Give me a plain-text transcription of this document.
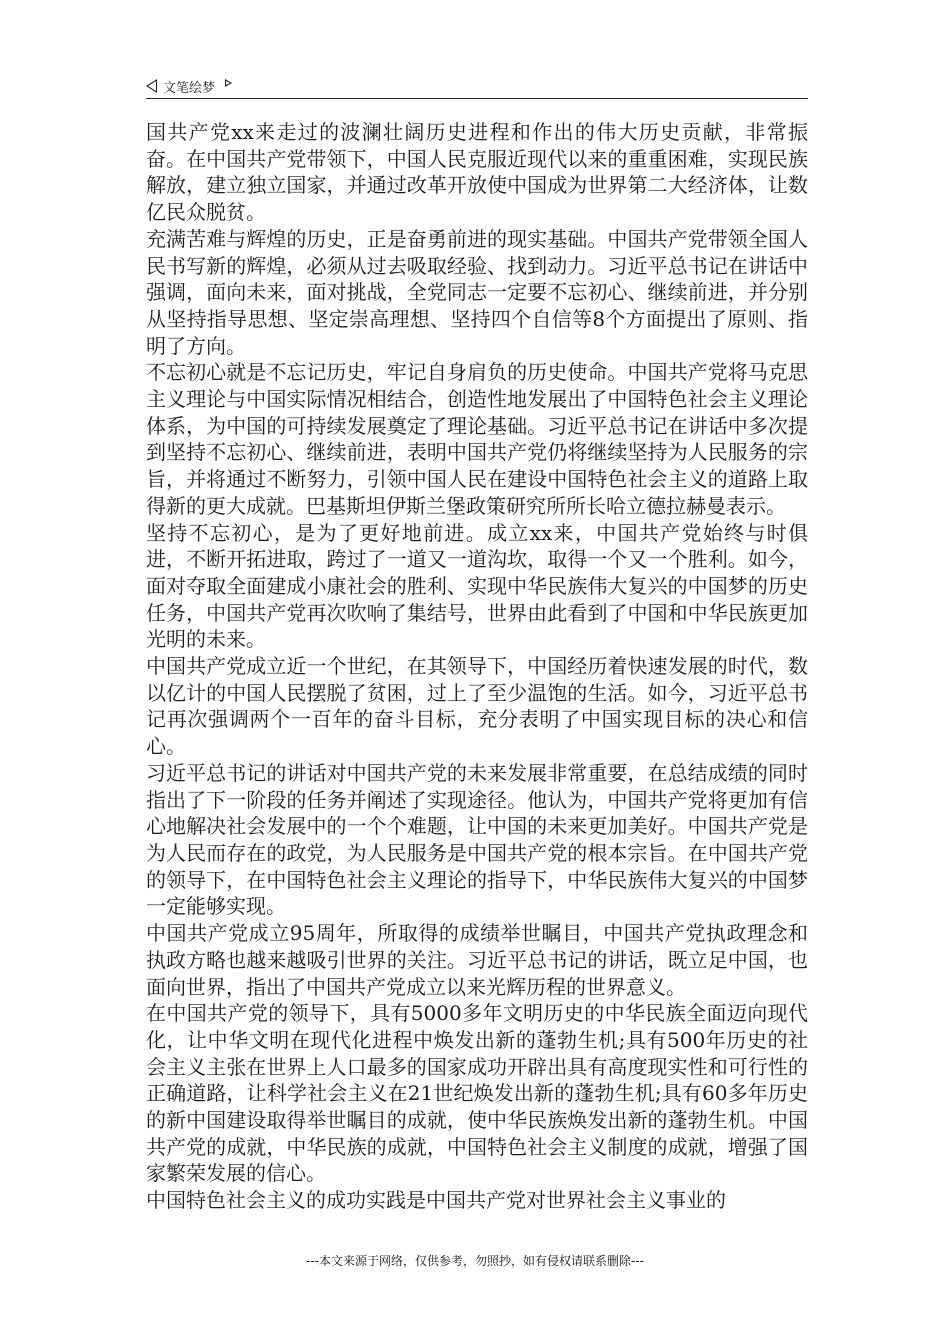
文笔绘梦

国共产党xx来走过的波澜壮阔历史进程和作出的伟大历史贡献，非常振奋。在中国共产党带领下，中国人民克服近现代以来的重重困难，实现民族解放，建立独立国家，并通过改革开放使中国成为世界第二大经济体，让数亿民众脱贫。

充满苦难与辉煌的历史，正是奋勇前进的现实基础。中国共产党带领全国人民书写新的辉煌，必须从过去吸取经验、找到动力。习近平总书记在讲话中强调，面向未来，面对挑战，全党同志一定要不忘初心、继续前进，并分别从坚持指导思想、坚定崇高理想、坚持四个自信等8个方面提出了原则、指明了方向。

不忘初心就是不忘记历史，牢记自身肩负的历史使命。中国共产党将马克思主义理论与中国实际情况相结合，创造性地发展出了中国特色社会主义理论体系，为中国的可持续发展奠定了理论基础。习近平总书记在讲话中多次提到坚持不忘初心、继续前进，表明中国共产党仍将继续坚持为人民服务的宗旨，并将通过不断努力，引领中国人民在建设中国特色社会主义的道路上取得新的更大成就。巴基斯坦伊斯兰堡政策研究所所长哈立德拉赫曼表示。

坚持不忘初心，是为了更好地前进。成立xx来，中国共产党始终与时俱进，不断开拓进取，跨过了一道又一道沟坎，取得一个又一个胜利。如今，面对夺取全面建成小康社会的胜利、实现中华民族伟大复兴的中国梦的历史任务，中国共产党再次吹响了集结号，世界由此看到了中国和中华民族更加光明的未来。

中国共产党成立近一个世纪，在其领导下，中国经历着快速发展的时代，数以亿计的中国人民摆脱了贫困，过上了至少温饱的生活。如今，习近平总书记再次强调两个一百年的奋斗目标，充分表明了中国实现目标的决心和信心。

习近平总书记的讲话对中国共产党的未来发展非常重要，在总结成绩的同时指出了下一阶段的任务并阐述了实现途径。他认为，中国共产党将更加有信心地解决社会发展中的一个个难题，让中国的未来更加美好。中国共产党是为人民而存在的政党，为人民服务是中国共产党的根本宗旨。在中国共产党的领导下，在中国特色社会主义理论的指导下，中华民族伟大复兴的中国梦一定能够实现。

中国共产党成立95周年，所取得的成绩举世瞩目，中国共产党执政理念和执政方略也越来越吸引世界的关注。习近平总书记的讲话，既立足中国，也面向世界，指出了中国共产党成立以来光辉历程的世界意义。

在中国共产党的领导下，具有5000多年文明历史的中华民族全面迈向现代化，让中华文明在现代化进程中焕发出新的蓬勃生机;具有500年历史的社会主义主张在世界上人口最多的国家成功开辟出具有高度现实性和可行性的正确道路，让科学社会主义在21世纪焕发出新的蓬勃生机;具有60多年历史的新中国建设取得举世瞩目的成就，使中华民族焕发出新的蓬勃生机。中国共产党的成就，中华民族的成就，中国特色社会主义制度的成就，增强了国家繁荣发展的信心。

中国特色社会主义的成功实践是中国共产党对世界社会主义事业的

---本文来源于网络，仅供参考，勿照抄，如有侵权请联系删除---
